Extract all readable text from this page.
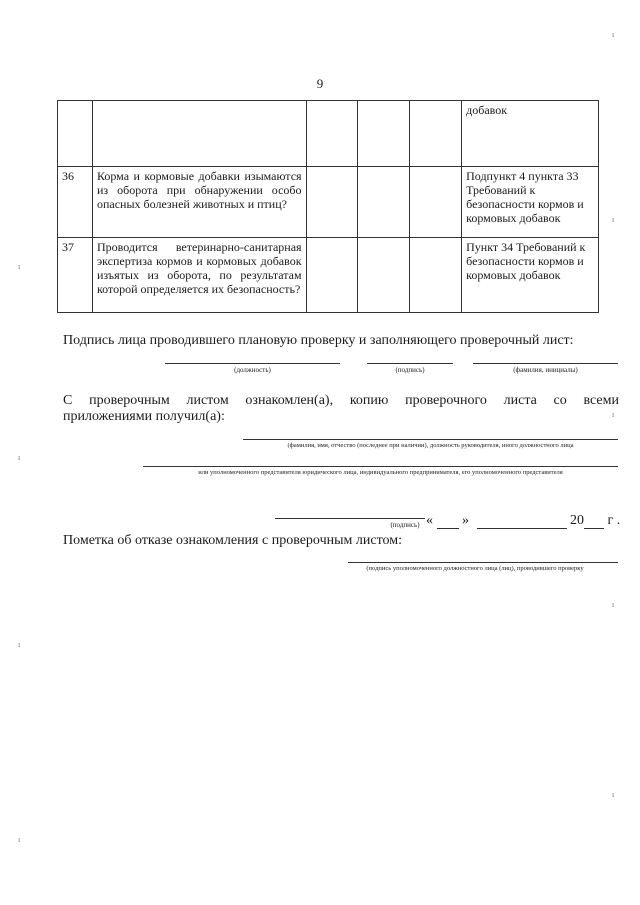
9
					добавок
36	Корма и кормовые добавки изымаются из оборота при обнаружении особо опасных болезней животных и птиц?				Подпункт 4 пункта 33 Требований к безопасности кормов и кормовых добавок
37	Проводится ветеринарно-санитарная экспертиза кормов и кормовых добавок изъятых из оборота, по результатам которой определяется их безопасность?				Пункт 34 Требований к безопасности кормов и кормовых добавок
Подпись лица проводившего плановую проверку и заполняющего проверочный лист:
(должность)	(подпись)	(фамилия, инициалы)
С проверочным листом ознакомлен(а), копию проверочного листа со всеми
приложениями получил(а):
(фамилия, имя, отчество (последнее при наличии), должность руководителя, иного должностного лица
или уполномоченного представителя юридического лица, индивидуального предпринимателя, его уполномоченного представителя
« »	20 г .
(подпись)
Пометка об отказе ознакомления с проверочным листом:
(подпись уполномоченного должностного лица (лиц), проводившего проверку
ı
ı
ı
ı
ı
ı
ı
ı
ı
